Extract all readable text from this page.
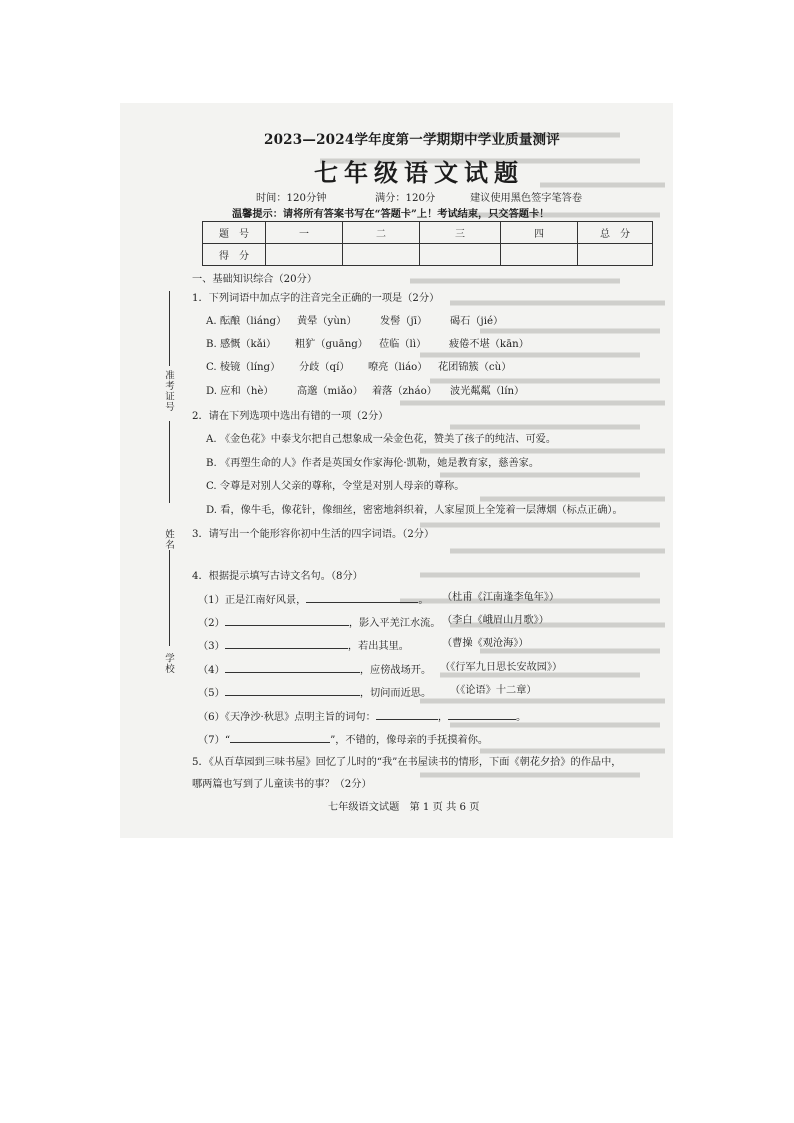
2023—2024学年度第一学期期中学业质量测评
七年级语文试题
时间：120分钟	满分：120分	建议使用黑色签字笔答卷
温馨提示：请将所有答案书写在“答题卡”上！考试结束，只交答题卡！
题　号	一	二	三	四	总　分
得　分					
准考证号
姓名
学校
一、基础知识综合（20分）
1．下列词语中加点字的注音完全正确的一项是（2分）
A. 酝酿（liáng） 黄晕（yùn） 发髻（jī） 碣石（jié）
B. 感慨（kǎi） 粗犷（guāng） 莅临（lì） 疲倦不堪（kān）
C. 棱镜（líng） 分歧（qí） 嘹亮（liáo） 花团锦簇（cù）
D. 应和（hè） 高邈（miǎo） 着落（zháo） 波光粼粼（lín）
2．请在下列选项中选出有错的一项（2分）
A. 《金色花》中泰戈尔把自己想象成一朵金色花，赞美了孩子的纯洁、可爱。
B. 《再塑生命的人》作者是英国女作家海伦·凯勒，她是教育家，慈善家。
C. 令尊是对别人父亲的尊称，令堂是对别人母亲的尊称。
D. 看，像牛毛，像花针，像细丝，密密地斜织着，人家屋顶上全笼着一层薄烟（标点正确）。
3．请写出一个能形容你初中生活的四字词语。（2分）
4．根据提示填写古诗文名句。（8分）
（1）正是江南好风景，	。 （杜甫《江南逢李龟年》）
（2）	，影入平羌江水流。 （李白《峨眉山月歌》）
（3）	，若出其里。	（曹操《观沧海》）
（4）	，应傍战场开。 （《行军九日思长安故园》）
（5）	，切问而近思。 （《论语》十二章）
（6）《天净沙·秋思》点明主旨的词句：	，	。
（7）“	”，不错的，像母亲的手抚摸着你。
5．《从百草园到三味书屋》回忆了儿时的“我”在书屋读书的情形，下面《朝花夕拾》的作品中，
哪两篇也写到了儿童读书的事？（2分）
七年级语文试题　第 1 页 共 6 页
